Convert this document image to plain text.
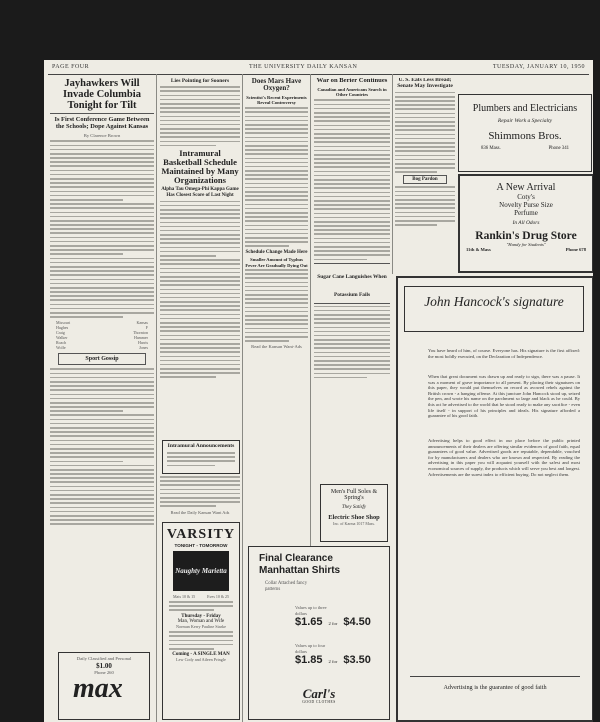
PAGE FOUR	THE UNIVERSITY DAILY KANSAN	TUESDAY, JANUARY 10, 1950
Jayhawkers Will Invade Columbia Tonight for Tilt
Is First Conference Game Between the Schools; Dope Against Kansas
By Clarence Brown
Missouri	Kansas
Hughes	F
Craig	Thornton
Walker	Hammer
Roach	Harris
Wolfe	Jones
Sport Gossip
Daily Classified and Personal
$1.00
Phone 260
max
Lies Pointing for Sooners
Intramural Basketball Schedule Maintained by Many Organizations
Alpha Tau Omega-Phi Kappa Game Has Closest Score of Last Night
Intramural Announcements
Read the Daily Kansan Want Ads
VARSITY
TONIGHT - TOMORROW
Naughty Marietta
Mats 10 & 15	Eves 10 & 25
Thursday - Friday
Man, Woman and Wife
Norman Kerry Pauline Starke
Coming - A SINGLE MAN
Lew Cody and Aileen Pringle
Does Mars Have Oxygen?
Scientist's Recent Experiments Reveal Controversy
Schedule Change Made Here
Smaller Amount of Typhus Fever Are Gradually Dying Out
Read the Kansan Want-Ads
War on Berier Continues
Canadian and Americans Search in Other Countries
Sugar Cane Languishes When Potassium Fails
Men's Full Soles & Spring's
They Satisfy
Electric Shoe Shop
Inc. of Karma 1017 Mass.
Final Clearance Manhattan Shirts
Collar Attached fancy patterns
Values up to three dollars
$1.65 2 for $4.50
Values up to four dollars
$1.85 2 for $3.50
Carl's
GOOD CLOTHES
U. S. Eats Less Bread; Senate May Investigate
Bog Pardon
Plumbers and Electricians
Repair Work a Specialty
Shimmons Bros.
836 Mass.	Phone 341
A New Arrival
Coty's
Novelty Purse Size
Perfume
In All Odors
Rankin's Drug Store
"Handy for Students"
11th & Mass	Phone 678
John Hancock's signature
You have heard of him, of course. Everyone has. His signature is the first affixed: the most boldly executed, on the Declaration of Independence.
When that great document was drawn up and ready to sign, there was a pause. It was a moment of grave importance to all present. By placing their signatures on this paper, they would put themselves on record as avowed rebels against the British crown - a hanging offense. At this juncture John Hancock stood up, seized the pen, and wrote his name on the parchment so large and black as he could. By this act he advertised to the world that he stood ready to make any sacrifice - even life itself - in support of his principles and ideals. His signature afforded a guarantee of his good faith.
Advertising helps to good effect in our place before the public printed announcements of their dealers are offering similar evidences of good faith, equal guarantees of good value. Advertised goods are reputable, dependable, vouched for by manufacturers and dealers who are known and respected. By reading the advertising in this paper you will acquaint yourself with the safest and most economical sources of supply, the products which will serve you best and longest. Advertisements are the surest index to efficient buying. Do not neglect them.
Advertising is the guarantee of good faith
